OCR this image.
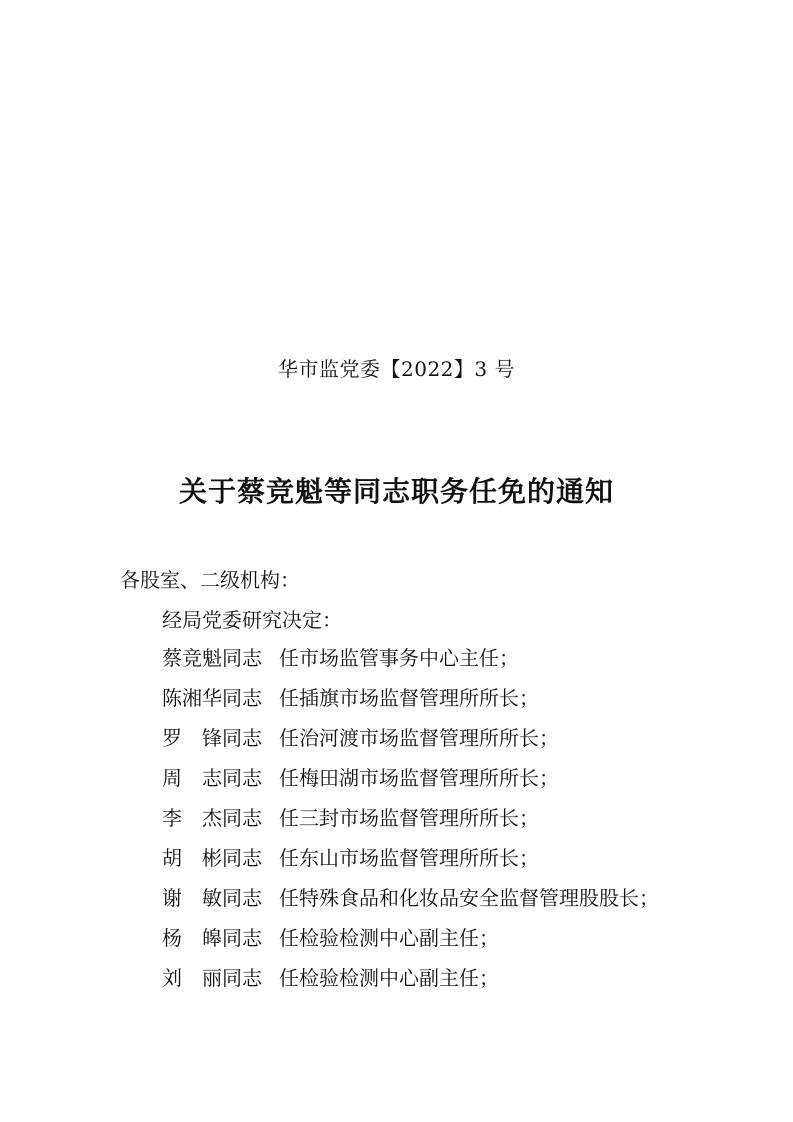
华市监党委【2022】3 号
关于蔡竞魁等同志职务任免的通知
各股室、二级机构：
经局党委研究决定：
蔡竞魁同志 任市场监管事务中心主任；
陈湘华同志 任插旗市场监督管理所所长；
罗　锋同志 任治河渡市场监督管理所所长；
周　志同志 任梅田湖市场监督管理所所长；
李　杰同志 任三封市场监督管理所所长；
胡　彬同志 任东山市场监督管理所所长；
谢　敏同志 任特殊食品和化妆品安全监督管理股股长；
杨　皞同志 任检验检测中心副主任；
刘　丽同志 任检验检测中心副主任；
